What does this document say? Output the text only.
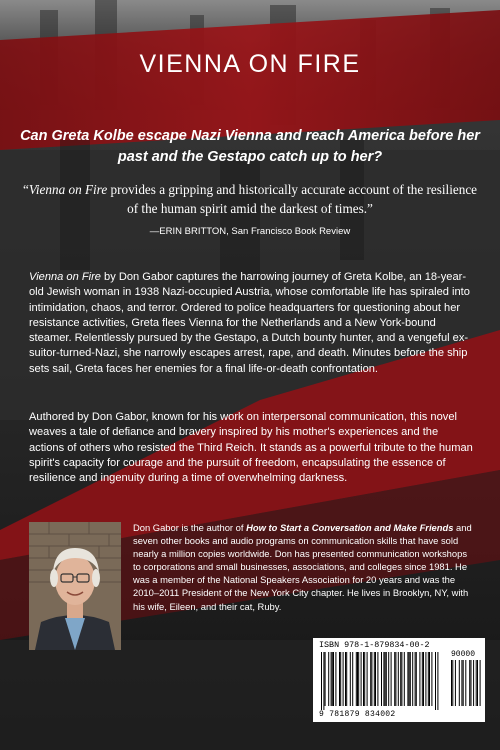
VIENNA ON FIRE

Can Greta Kolbe escape Nazi Vienna and reach America before her past and the Gestapo catch up to her?

“Vienna on Fire provides a gripping and historically accurate account of the resilience of the human spirit amid the darkest of times.”

—ERIN BRITTON, San Francisco Book Review

Vienna on Fire by Don Gabor captures the harrowing journey of Greta Kolbe, an 18-year-old Jewish woman in 1938 Nazi-occupied Austria, whose comfortable life has spiraled into intimidation, chaos, and terror. Ordered to police headquarters for questioning about her resistance activities, Greta flees Vienna for the Netherlands and a New York-bound steamer. Relentlessly pursued by the Gestapo, a Dutch bounty hunter, and a vengeful ex-suitor-turned-Nazi, she narrowly escapes arrest, rape, and death. Minutes before the ship sets sail, Greta faces her enemies for a final life-or-death confrontation.

Authored by Don Gabor, known for his work on interpersonal communication, this novel weaves a tale of defiance and bravery inspired by his mother's experiences and the actions of others who resisted the Third Reich. It stands as a powerful tribute to the human spirit's capacity for courage and the pursuit of freedom, encapsulating the essence of resilience and ingenuity during a time of overwhelming darkness.

Don Gabor is the author of How to Start a Conversation and Make Friends and seven other books and audio programs on communication skills that have sold nearly a million copies worldwide. Don has presented communication workshops to corporations and small businesses, associations, and colleges since 1981. He was a member of the National Speakers Association for 20 years and was the 2010–2011 President of the New York City chapter. He lives in Brooklyn, NY, with his wife, Eileen, and their cat, Ruby.

ISBN 978-1-879834-00-2
90000
9 781879 834002
